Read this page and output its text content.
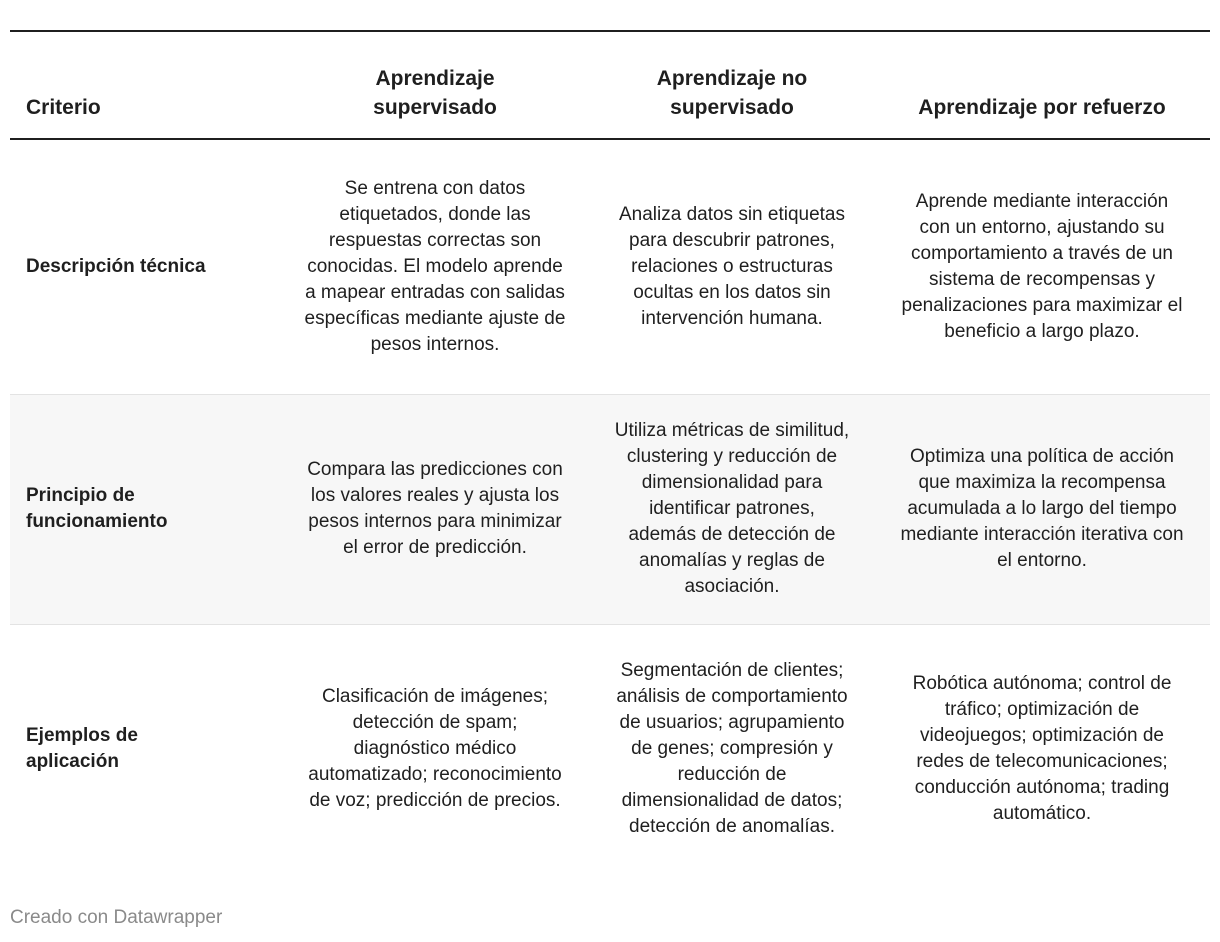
Criterio	Aprendizaje supervisado	Aprendizaje no supervisado	Aprendizaje por refuerzo
Descripción técnica	Se entrena con datos etiquetados, donde las respuestas correctas son conocidas. El modelo aprende a mapear entradas con salidas específicas mediante ajuste de pesos internos.	Analiza datos sin etiquetas para descubrir patrones, relaciones o estructuras ocultas en los datos sin intervención humana.	Aprende mediante interacción con un entorno, ajustando su comportamiento a través de un sistema de recompensas y penalizaciones para maximizar el beneficio a largo plazo.
Principio de funcionamiento	Compara las predicciones con los valores reales y ajusta los pesos internos para minimizar el error de predicción.	Utiliza métricas de similitud, clustering y reducción de dimensionalidad para identificar patrones, además de detección de anomalías y reglas de asociación.	Optimiza una política de acción que maximiza la recompensa acumulada a lo largo del tiempo mediante interacción iterativa con el entorno.
Ejemplos de aplicación	Clasificación de imágenes; detección de spam; diagnóstico médico automatizado; reconocimiento de voz; predicción de precios.	Segmentación de clientes; análisis de comportamiento de usuarios; agrupamiento de genes; compresión y reducción de dimensionalidad de datos; detección de anomalías.	Robótica autónoma; control de tráfico; optimización de videojuegos; optimización de redes de telecomunicaciones; conducción autónoma; trading automático.
Creado con Datawrapper
